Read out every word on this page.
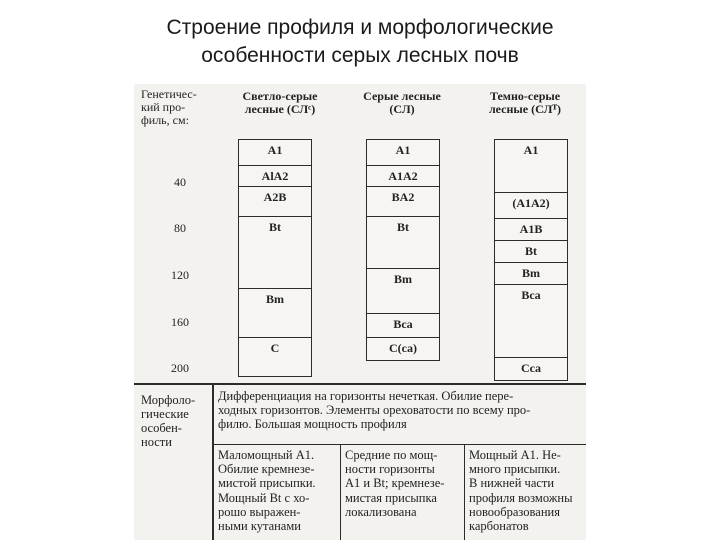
Строение профиля и морфологические
особенности серых лесных почв
Генетичес-
кий про-
филь, см:
Светло-серые
лесные (СЛᶜ)
Серые лесные
(СЛ)
Темно-серые
лесные (СЛᵀ)
40
80
120
160
200
A1
AlA2
A2B
Bt
Bm
C
A1
A1A2
BA2
Bt
Bm
Bca
C(ca)
A1
(A1A2)
A1B
Bt
Bm
Bca
Cca
Морфоло-
гические
особен-
ности
Дифференциация на горизонты нечеткая. Обилие пере-
ходных горизонтов. Элементы ореховатости по всему про-
филю. Большая мощность профиля
Маломощный А1.
Обилие кремнезе-
мистой присыпки.
Мощный Вt с хо-
рошо выражен-
ными кутанами
Средние по мощ-
ности горизонты
А1 и Вt; кремнезе-
мистая присыпка
локализована
Мощный А1. Не-
много присыпки.
В нижней части
профиля возможны
новообразования
карбонатов
